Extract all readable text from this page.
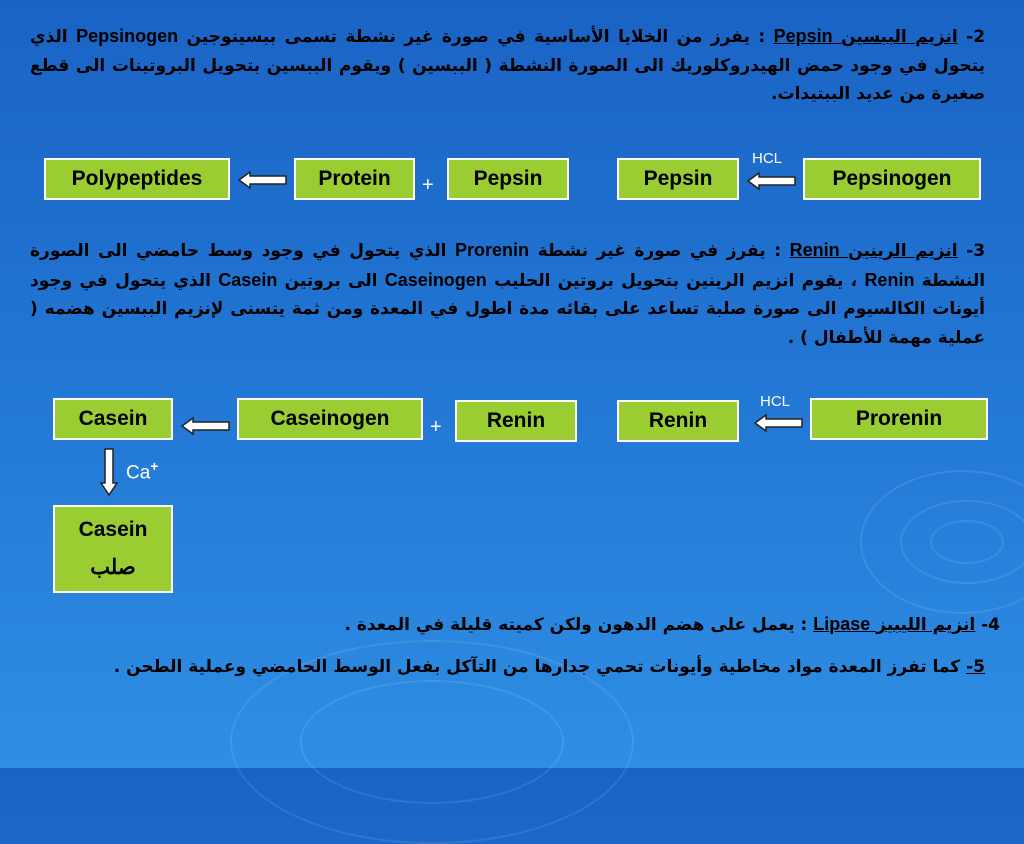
2- انزيم الببسين Pepsin : يفرز من الخلايا الأساسية في صورة غير نشطة تسمى ببسينوجين Pepsinogen الذي يتحول في وجود حمض الهيدروكلوريك الى الصورة النشطة ( الببسين ) ويقوم الببسين بتحويل البروتينات الى قطع صغيرة من عديد الببتيدات.
Polypeptides	Protein	+	Pepsin	Pepsin
HCL
Pepsinogen
3- انزيم الرينين Renin : يفرز في صورة غير نشطة Prorenin الذي يتحول في وجود وسط حامضي الى الصورة النشطة Renin ، يقوم انزيم الرينين بتحويل بروتين الحليب Caseinogen الى بروتين Casein الذي يتحول في وجود أيونات الكالسيوم الى صورة صلبة تساعد على بقائه مدة اطول في المعدة ومن ثمة يتسنى لإنزيم الببسين هضمه ( عملية مهمة للأطفال ) .
Casein	Caseinogen	+	Renin	Renin
HCL
Prorenin
Ca+
Casein
صلب
4- انزيم الليبيز Lipase : يعمل على هضم الدهون ولكن كميته قليلة في المعدة .
5- كما تفرز المعدة مواد مخاطية وأيونات تحمي جدارها من التآكل بفعل الوسط الحامضي وعملية الطحن .
